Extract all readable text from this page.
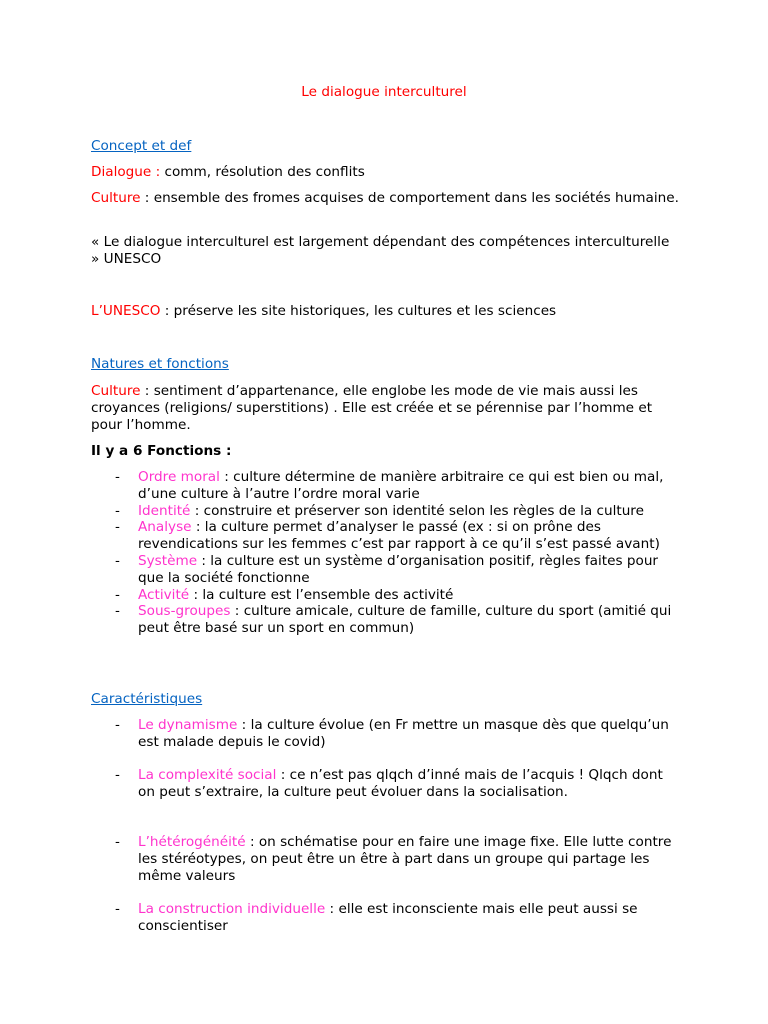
Le dialogue interculturel

Concept et def

Dialogue : comm, résolution des conflits

Culture : ensemble des fromes acquises de comportement dans les sociétés humaine.

« Le dialogue interculturel est largement dépendant des compétences interculturelle » UNESCO

L’UNESCO : préserve les site historiques, les cultures et les sciences

Natures et fonctions

Culture : sentiment d’appartenance, elle englobe les mode de vie mais aussi les croyances (religions/ superstitions) . Elle est créée et se pérennise par l’homme et pour l’homme.

Il y a 6 Fonctions :

- Ordre moral : culture détermine de manière arbitraire ce qui est bien ou mal, d’une culture à l’autre l’ordre moral varie
- Identité : construire et préserver son identité selon les règles de la culture
- Analyse : la culture permet d’analyser le passé (ex : si on prône des revendications sur les femmes c’est par rapport à ce qu’il s’est passé avant)
- Système : la culture est un système d’organisation positif, règles faites pour que la société fonctionne
- Activité : la culture est l’ensemble des activité
- Sous-groupes : culture amicale, culture de famille, culture du sport (amitié qui peut être basé sur un sport en commun)

Caractéristiques

- Le dynamisme : la culture évolue (en Fr mettre un masque dès que quelqu’un est malade depuis le covid)
- La complexité social : ce n’est pas qlqch d’inné mais de l’acquis ! Qlqch dont on peut s’extraire, la culture peut évoluer dans la socialisation.
- L’hétérogénéité : on schématise pour en faire une image fixe. Elle lutte contre les stéréotypes, on peut être un être à part dans un groupe qui partage les même valeurs
- La construction individuelle : elle est inconsciente mais elle peut aussi se conscientiser
